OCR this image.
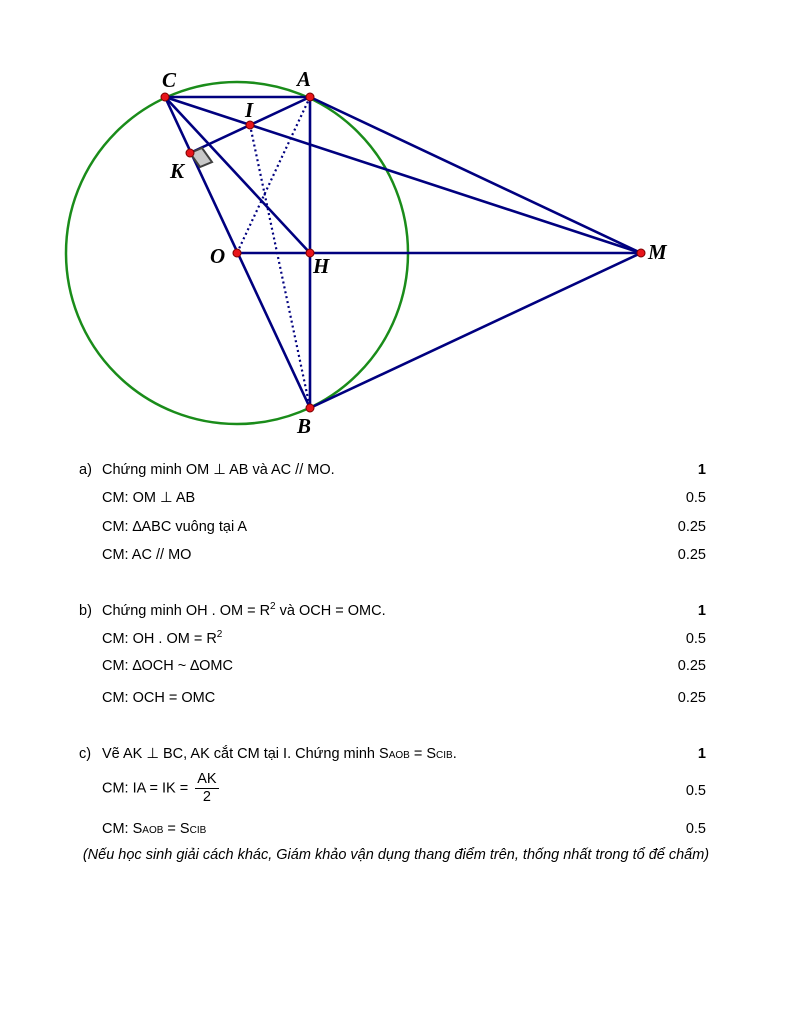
C	A
I
K
O	H
M
B
a) Chứng minh OM ⊥ AB và AC // MO.	1
CM: OM ⊥ AB	0.5
CM: ∆ABC vuông tại A	0.25
CM: AC // MO	0.25
b) Chứng minh OH . OM = $R^2$ và OCH = OMC.	1
CM: OH . OM = $R^2$	0.5
CM: ∆OCH ~ ∆OMC	0.25
CM: OCH = OMC	0.25
c) Vẽ AK ⊥ BC, AK cắt CM tại I. Chứng minh SAOB = SCIB.	1
CM: IA = IK = $\frac{AK}{2}$	0.5
CM: SAOB = SCIB	0.5
(Nếu học sinh giải cách khác, Giám khảo vận dụng thang điểm trên, thống nhất trong tổ để chấm)
